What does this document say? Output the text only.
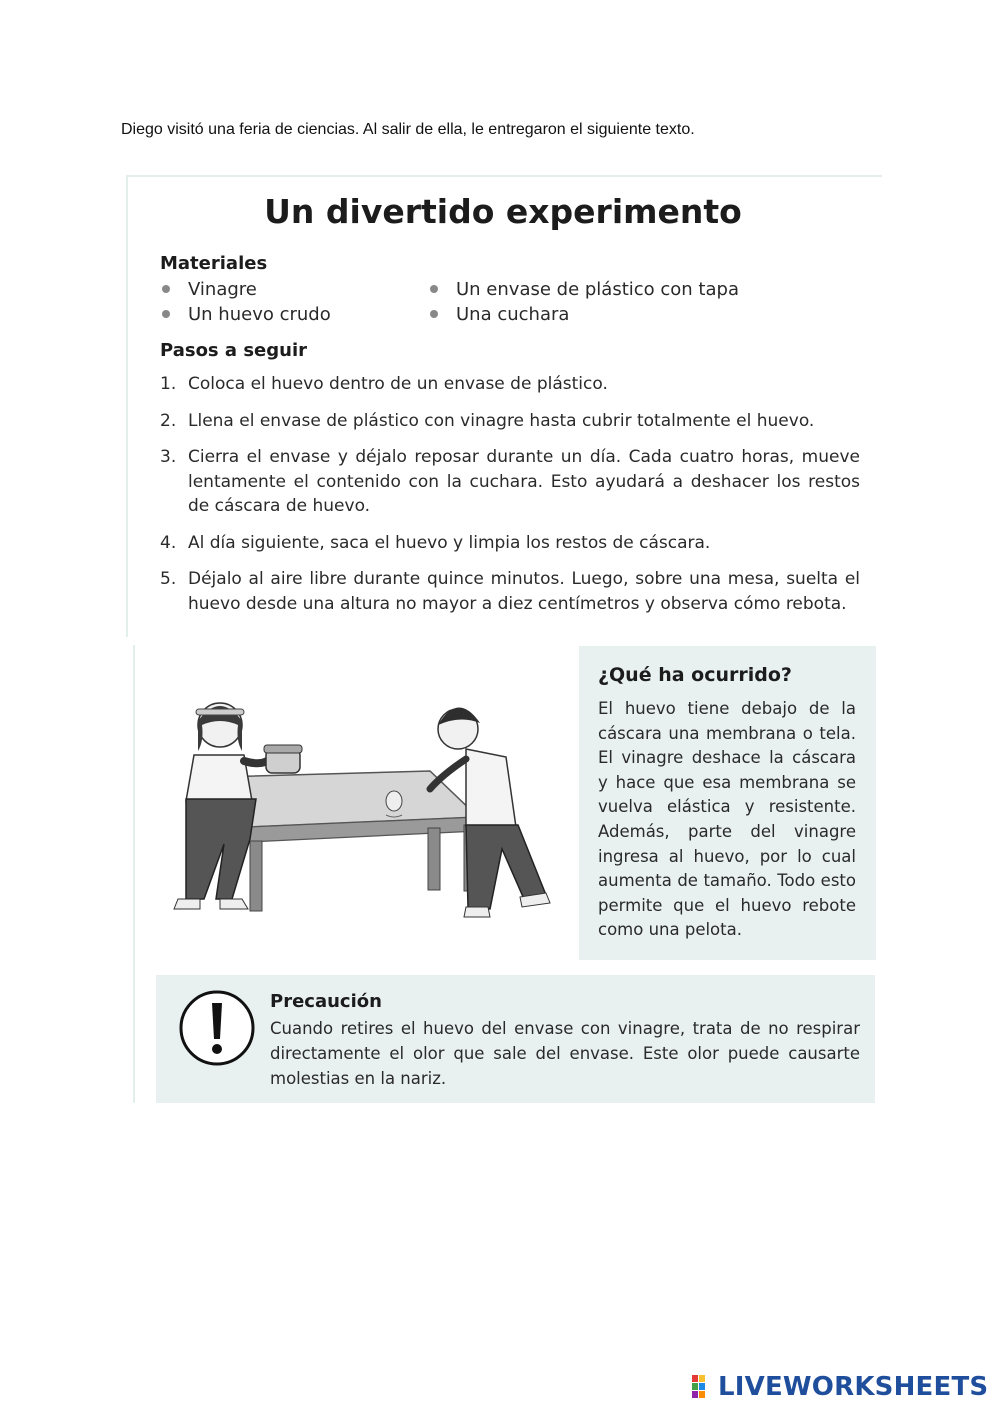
Diego visitó una feria de ciencias. Al salir de ella, le entregaron el siguiente texto.
Un divertido experimento
Materiales
Vinagre
Un huevo crudo
Un envase de plástico con tapa
Una cuchara
Pasos a seguir
1. Coloca el huevo dentro de un envase de plástico.
2. Llena el envase de plástico con vinagre hasta cubrir totalmente el huevo.
3. Cierra el envase y déjalo reposar durante un día. Cada cuatro horas, mueve lentamente el contenido con la cuchara. Esto ayudará a deshacer los restos de cáscara de huevo.
4. Al día siguiente, saca el huevo y limpia los restos de cáscara.
5. Déjalo al aire libre durante quince minutos. Luego, sobre una mesa, suelta el huevo desde una altura no mayor a diez centímetros y observa cómo rebota.
¿Qué ha ocurrido?
El huevo tiene debajo de la cáscara una membrana o tela. El vinagre deshace la cáscara y hace que esa membrana se vuelva elástica y resistente. Además, parte del vinagre ingresa al huevo, por lo cual aumenta de tamaño. Todo esto permite que el huevo rebote como una pelota.
Precaución
Cuando retires el huevo del envase con vinagre, trata de no respirar directamente el olor que sale del envase. Este olor puede causarte molestias en la nariz.
LIVEWORKSHEETS
